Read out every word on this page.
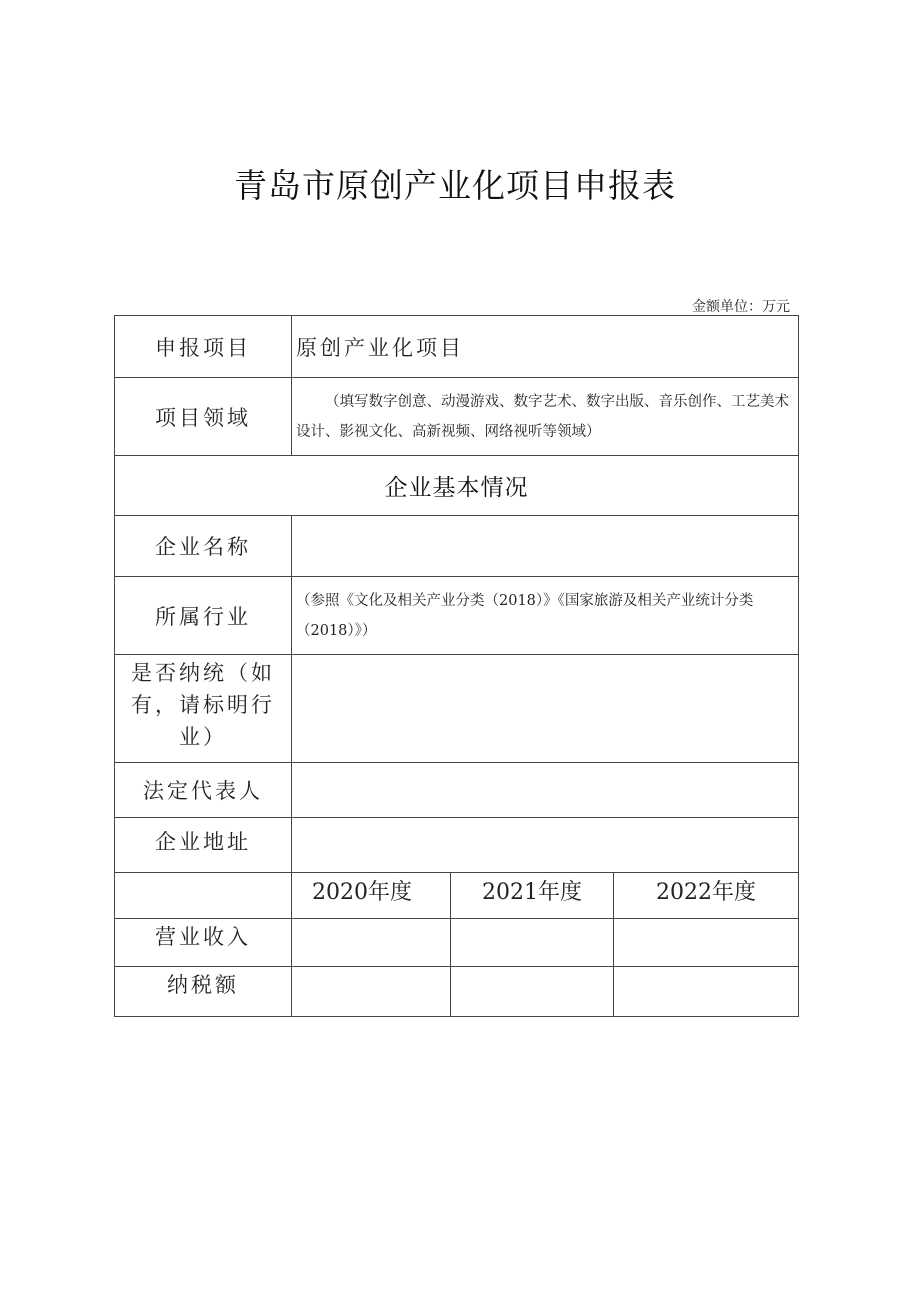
青岛市原创产业化项目申报表
金额单位：万元
申报项目	原创产业化项目		
项目领域	（填写数字创意、动漫游戏、数字艺术、数字出版、音乐创作、工艺美术设计、影视文化、高新视频、网络视听等领域）		
企业基本情况			
企业名称			
所属行业	（参照《文化及相关产业分类（2018）》《国家旅游及相关产业统计分类（2018）》）		
是否纳统（如有，请标明行业）			
法定代表人			
企业地址			
	2020年度	2021年度	2022年度
营业收入			
纳税额			
